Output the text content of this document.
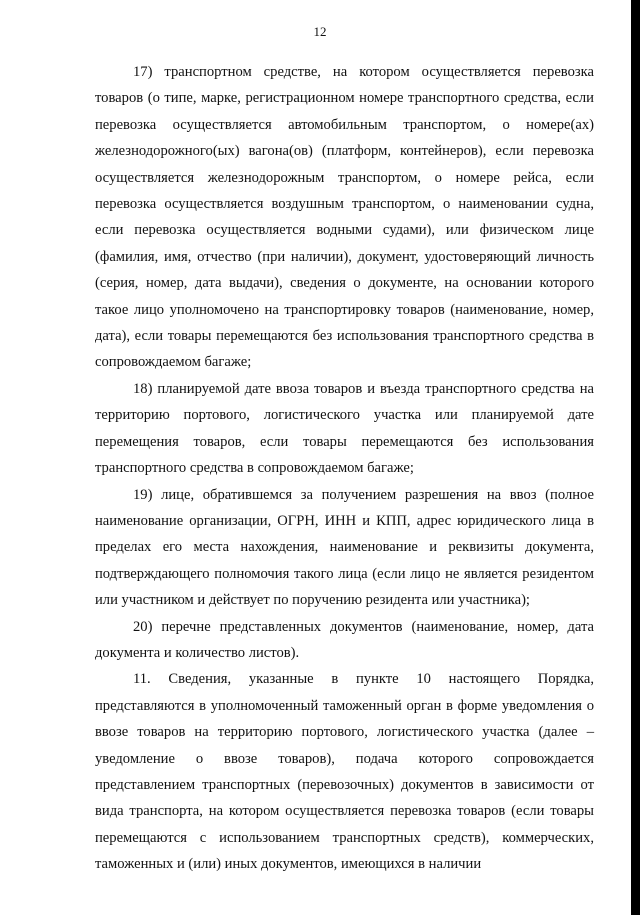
12

17) транспортном средстве, на котором осуществляется перевозка товаров (о типе, марке, регистрационном номере транспортного средства, если перевозка осуществляется автомобильным транспортом, о номере(ах) железнодорожного(ых) вагона(ов) (платформ, контейнеров), если перевозка осуществляется железнодорожным транспортом, о номере рейса, если перевозка осуществляется воздушным транспортом, о наименовании судна, если перевозка осуществляется водными судами), или физическом лице (фамилия, имя, отчество (при наличии), документ, удостоверяющий личность (серия, номер, дата выдачи), сведения о документе, на основании которого такое лицо уполномочено на транспортировку товаров (наименование, номер, дата), если товары перемещаются без использования транспортного средства в сопровождаемом багаже;

18) планируемой дате ввоза товаров и въезда транспортного средства на территорию портового, логистического участка или планируемой дате перемещения товаров, если товары перемещаются без использования транспортного средства в сопровождаемом багаже;

19) лице, обратившемся за получением разрешения на ввоз (полное наименование организации, ОГРН, ИНН и КПП, адрес юридического лица в пределах его места нахождения, наименование и реквизиты документа, подтверждающего полномочия такого лица (если лицо не является резидентом или участником и действует по поручению резидента или участника);

20) перечне представленных документов (наименование, номер, дата документа и количество листов).

11. Сведения, указанные в пункте 10 настоящего Порядка, представляются в уполномоченный таможенный орган в форме уведомления о ввозе товаров на территорию портового, логистического участка (далее – уведомление о ввозе товаров), подача которого сопровождается представлением транспортных (перевозочных) документов в зависимости от вида транспорта, на котором осуществляется перевозка товаров (если товары перемещаются с использованием транспортных средств), коммерческих, таможенных и (или) иных документов, имеющихся в наличии
